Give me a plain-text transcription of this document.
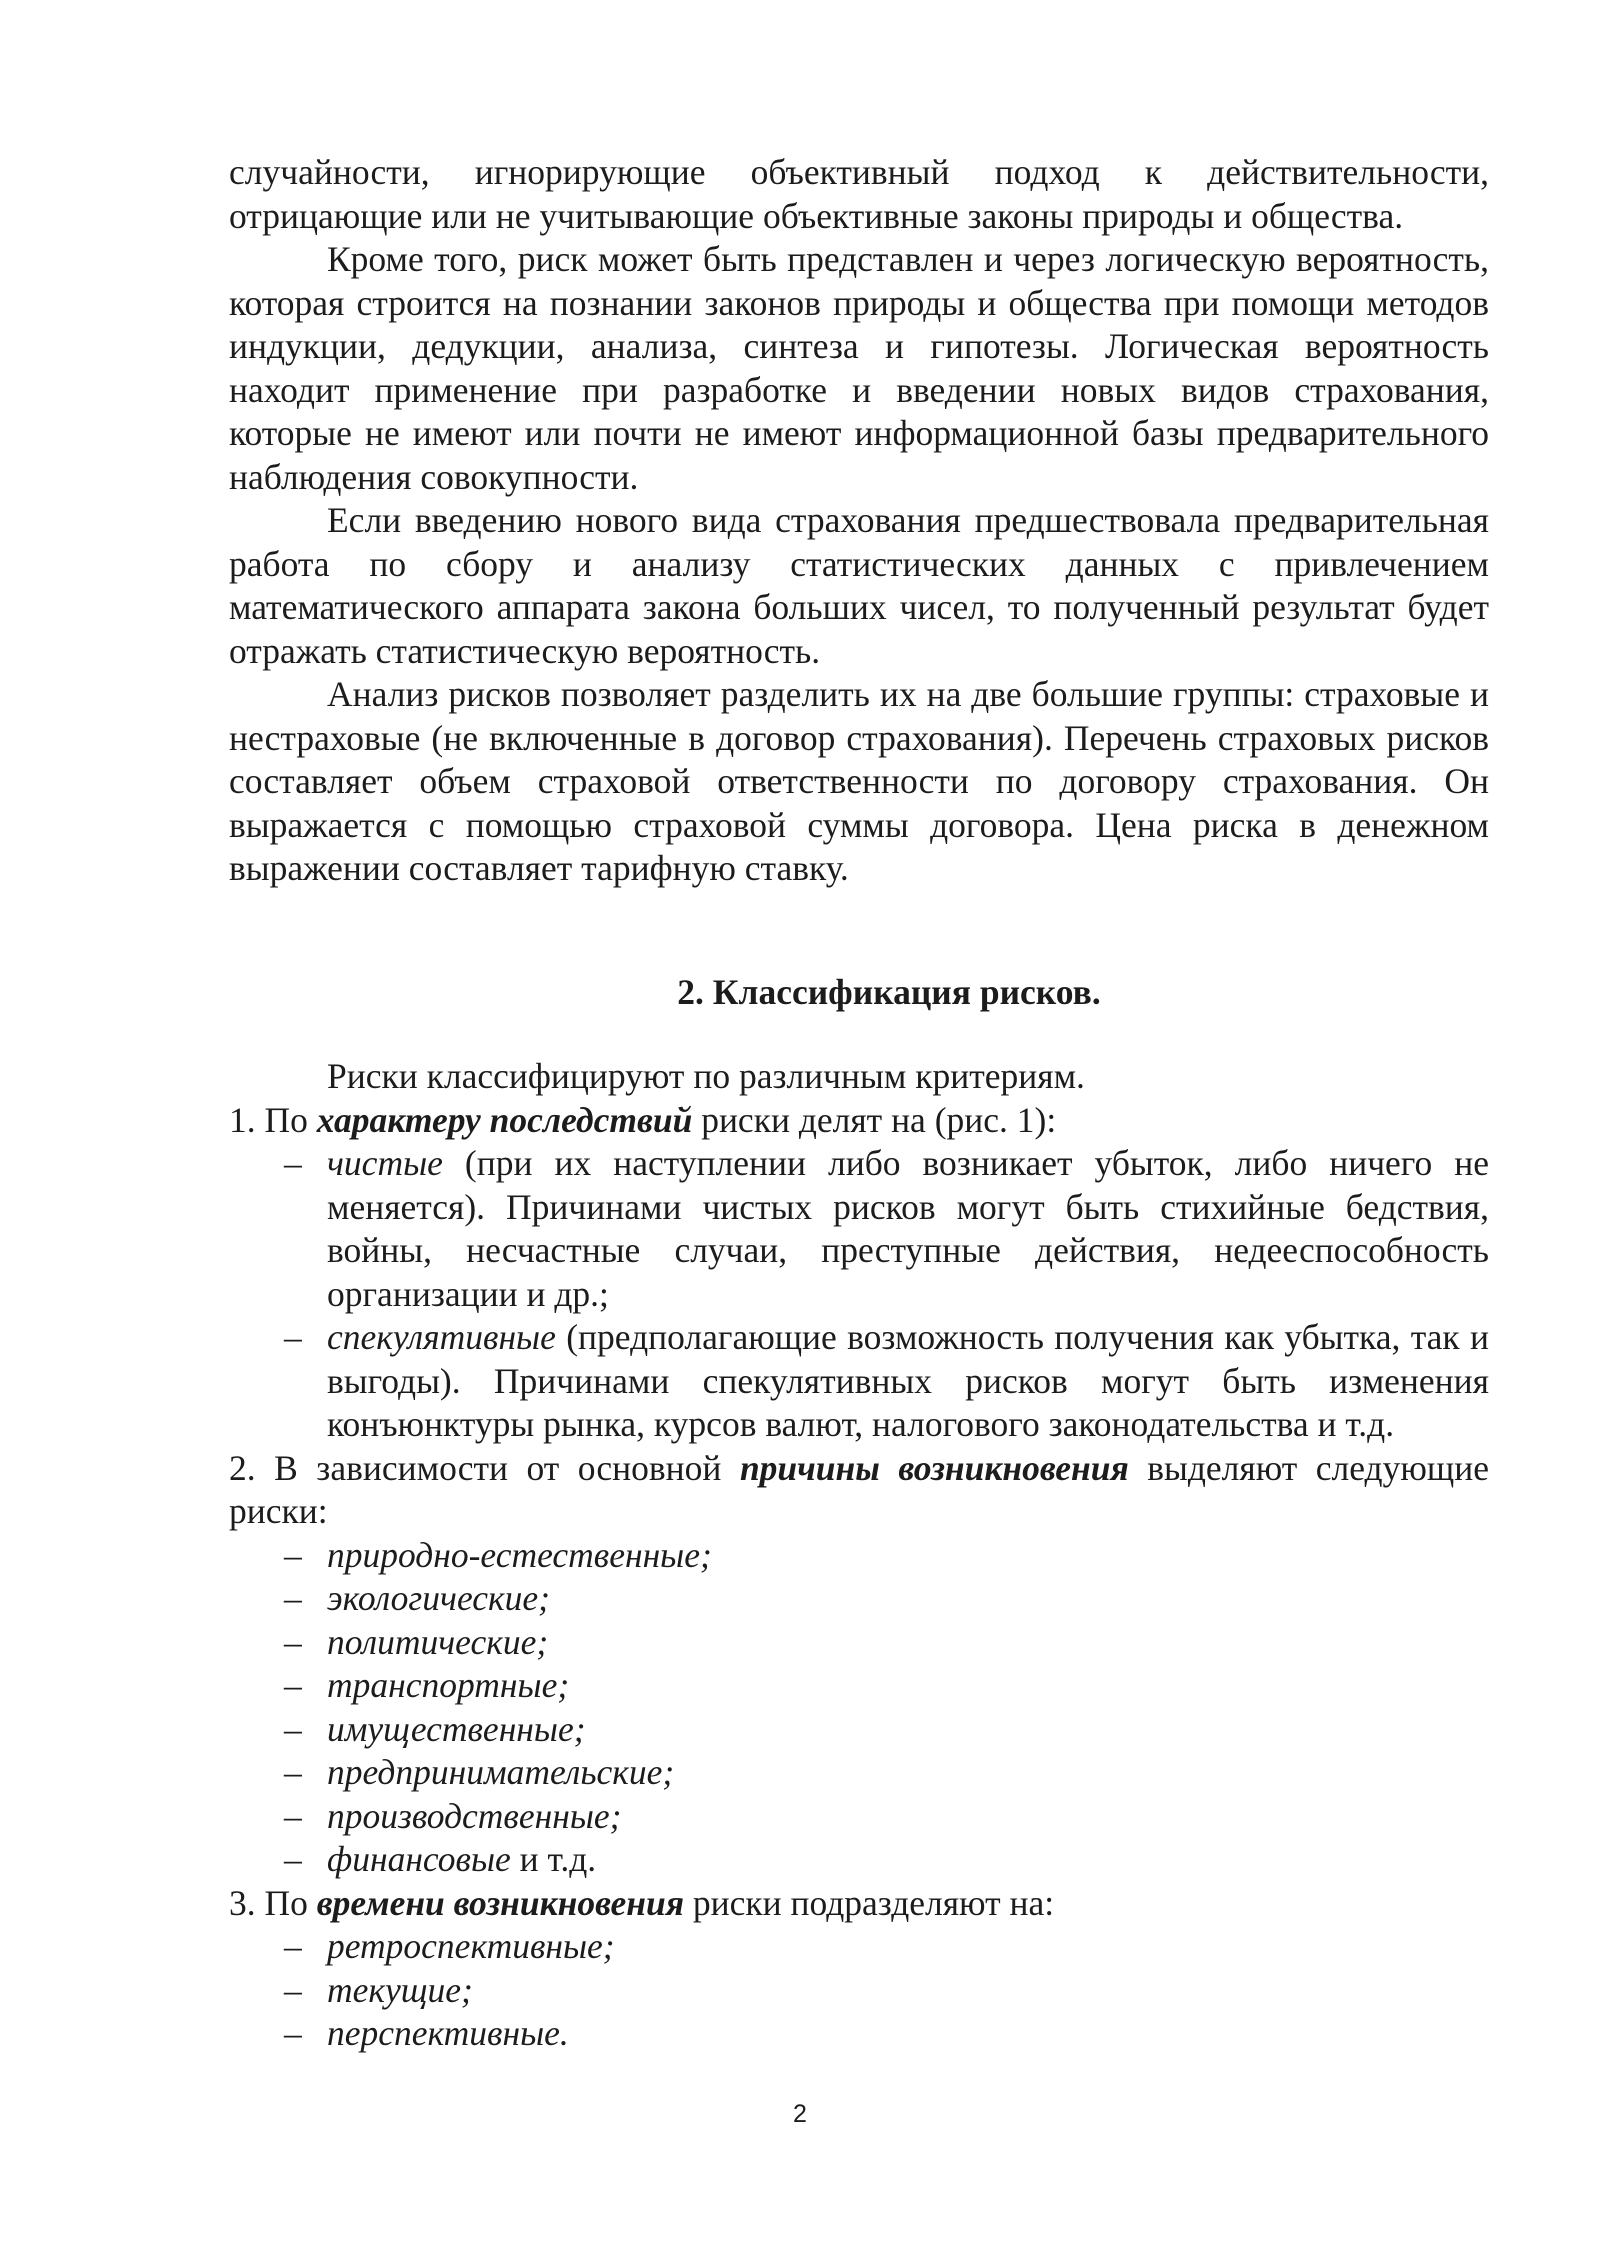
случайности, игнорирующие объективный подход к действительности, отрицающие или не учитывающие объективные законы природы и общества.

Кроме того, риск может быть представлен и через логическую вероятность, которая строится на познании законов природы и общества при помощи методов индукции, дедукции, анализа, синтеза и гипотезы. Логическая вероятность находит применение при разработке и введении новых видов страхования, которые не имеют или почти не имеют информационной базы предварительного наблюдения совокупности.

Если введению нового вида страхования предшествовала предварительная работа по сбору и анализу статистических данных с привлечением математического аппарата закона больших чисел, то полученный результат будет отражать статистическую вероятность.

Анализ рисков позволяет разделить их на две большие группы: страховые и нестраховые (не включенные в договор страхования). Перечень страховых рисков составляет объем страховой ответственности по договору страхования. Он выражается с помощью страховой суммы договора. Цена риска в денежном выражении составляет тарифную ставку.

2. Классификация рисков.

Риски классифицируют по различным критериям.

1. По характеру последствий риски делят на (рис. 1):

– чистые (при их наступлении либо возникает убыток, либо ничего не меняется). Причинами чистых рисков могут быть стихийные бедствия, войны, несчастные случаи, преступные действия, недееспособность организации и др.;
– спекулятивные (предполагающие возможность получения как убытка, так и выгоды). Причинами спекулятивных рисков могут быть изменения конъюнктуры рынка, курсов валют, налогового законодательства и т.д.

2. В зависимости от основной причины возникновения выделяют следующие риски:

– природно-естественные;
– экологические;
– политические;
– транспортные;
– имущественные;
– предпринимательские;
– производственные;
– финансовые и т.д.

3. По времени возникновения риски подразделяют на:

– ретроспективные;
– текущие;
– перспективные.
2
